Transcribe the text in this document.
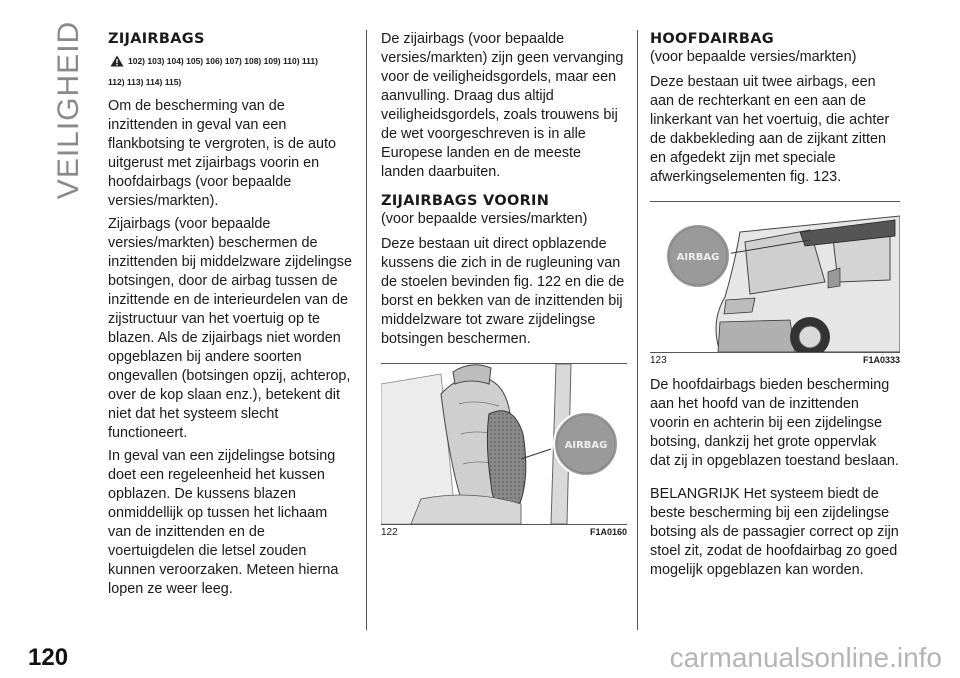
VEILIGHEID
120	carmanualsonline.info
ZIJAIRBAGS

102) 103) 104) 105) 106) 107) 108) 109) 110) 111)

112) 113) 114) 115)

Om de bescherming van de inzittenden in geval van een flankbotsing te vergroten, is de auto uitgerust met zijairbags voorin en hoofdairbags (voor bepaalde versies/markten).

Zijairbags (voor bepaalde versies/markten) beschermen de inzittenden bij middelzware zijdelingse botsingen, door de airbag tussen de inzittende en de interieurdelen van de zijstructuur van het voertuig op te blazen. Als de zijairbags niet worden opgeblazen bij andere soorten ongevallen (botsingen opzij, achterop, over de kop slaan enz.), betekent dit niet dat het systeem slecht functioneert.

In geval van een zijdelingse botsing doet een regeleenheid het kussen opblazen. De kussens blazen onmiddellijk op tussen het lichaam van de inzittenden en de voertuigdelen die letsel zouden kunnen veroorzaken. Meteen hierna lopen ze weer leeg.

De zijairbags (voor bepaalde versies/markten) zijn geen vervanging voor de veiligheidsgordels, maar een aanvulling. Draag dus altijd veiligheidsgordels, zoals trouwens bij de wet voorgeschreven is in alle Europese landen en de meeste landen daarbuiten.

ZIJAIRBAGS VOORIN

(voor bepaalde versies/markten)

Deze bestaan uit direct opblazende kussens die zich in de rugleuning van de stoelen bevinden fig. 122 en die de borst en bekken van de inzittenden bij middelzware tot zware zijdelingse botsingen beschermen.

AIRBAG
122	F1A0160
HOOFDAIRBAG

(voor bepaalde versies/markten)

Deze bestaan uit twee airbags, een aan de rechterkant en een aan de linkerkant van het voertuig, die achter de dakbekleding aan de zijkant zitten en afgedekt zijn met speciale afwerkingselementen fig. 123.

AIRBAG
123	F1A0333

De hoofdairbags bieden bescherming aan het hoofd van de inzittenden voorin en achterin bij een zijdelingse botsing, dankzij het grote oppervlak dat zij in opgeblazen toestand beslaan.

BELANGRIJK Het systeem biedt de beste bescherming bij een zijdelingse botsing als de passagier correct op zijn stoel zit, zodat de hoofdairbag zo goed mogelijk opgeblazen kan worden.
